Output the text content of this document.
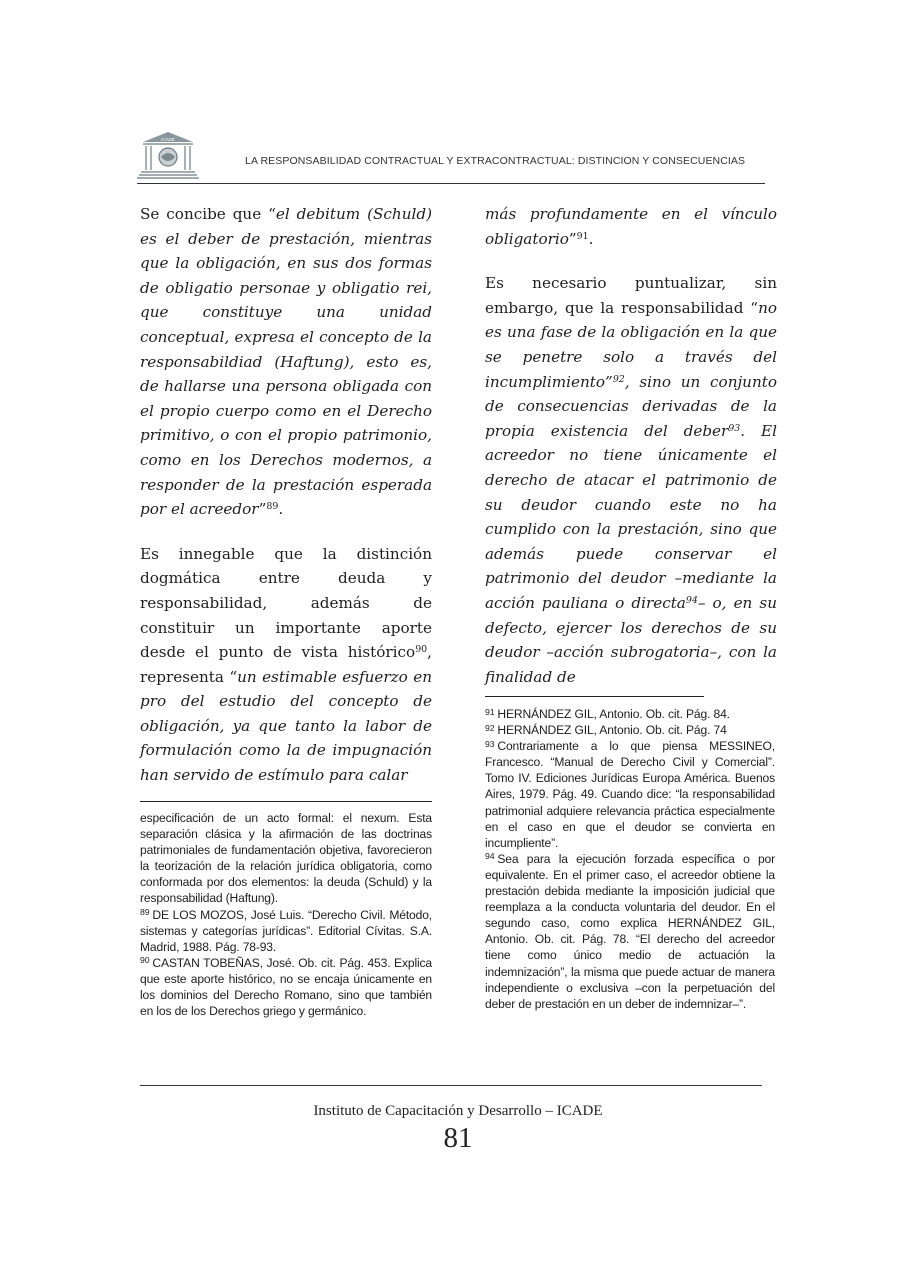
ICADE
LA RESPONSABILIDAD CONTRACTUAL Y EXTRACONTRACTUAL: DISTINCION Y CONSECUENCIAS

Se concibe que “el debitum (Schuld) es el deber de prestación, mientras que la obligación, en sus dos formas de obligatio personae y obligatio rei, que constituye una unidad conceptual, expresa el concepto de la responsabildiad (Haftung), esto es, de hallarse una persona obligada con el propio cuerpo como en el Derecho primitivo, o con el propio patrimonio, como en los Derechos modernos, a responder de la prestación esperada por el acreedor”$^{89}$.

Es innegable que la distinción dogmática entre deuda y responsabilidad, además de constituir un importante aporte desde el punto de vista histórico$^{90}$, representa “un estimable esfuerzo en pro del estudio del concepto de obligación, ya que tanto la labor de formulación como la de impugnación han servido de estímulo para calar

más profundamente en el vínculo obligatorio”$^{91}$.

Es necesario puntualizar, sin embargo, que la responsabilidad “no es una fase de la obligación en la que se penetre solo a través del incumplimiento”$^{92}$, sino un conjunto de consecuencias derivadas de la propia existencia del deber$^{93}$. El acreedor no tiene únicamente el derecho de atacar el patrimonio de su deudor cuando este no ha cumplido con la prestación, sino que además puede conservar el patrimonio del deudor –mediante la acción pauliana o directa$^{94}$– o, en su defecto, ejercer los derechos de su deudor –acción subrogatoria–, con la finalidad de

especificación de un acto formal: el nexum. Esta separación clásica y la afirmación de las doctrinas patrimoniales de fundamentación objetiva, favorecieron la teorización de la relación jurídica obligatoria, como conformada por dos elementos: la deuda (Schuld) y la responsabilidad (Haftung).

$^{89}$ DE LOS MOZOS, José Luis. “Derecho Civil. Método, sistemas y categorías jurídicas”. Editorial Cívitas. S.A. Madrid, 1988. Pág. 78-93.

$^{90}$ CASTAN TOBEÑAS, José. Ob. cit. Pág. 453. Explica que este aporte histórico, no se encaja únicamente en los dominios del Derecho Romano, sino que también en los de los Derechos griego y germánico.

$^{91}$ HERNÁNDEZ GIL, Antonio. Ob. cit. Pág. 84.

$^{92}$ HERNÁNDEZ GIL, Antonio. Ob. cit. Pág. 74

$^{93}$ Contrariamente a lo que piensa MESSINEO, Francesco. “Manual de Derecho Civil y Comercial”. Tomo IV. Ediciones Jurídicas Europa América. Buenos Aires, 1979. Pág. 49. Cuando dice: “la responsabilidad patrimonial adquiere relevancia práctica especialmente en el caso en que el deudor se convierta en incumpliente”.

$^{94}$ Sea para la ejecución forzada específica o por equivalente. En el primer caso, el acreedor obtiene la prestación debida mediante la imposición judicial que reemplaza a la conducta voluntaria del deudor. En el segundo caso, como explica HERNÁNDEZ GIL, Antonio. Ob. cit. Pág. 78. “El derecho del acreedor tiene como único medio de actuación la indemnización”, la misma que puede actuar de manera independiente o exclusiva –con la perpetuación del deber de prestación en un deber de indemnizar–”.

Instituto de Capacitación y Desarrollo – ICADE
81
